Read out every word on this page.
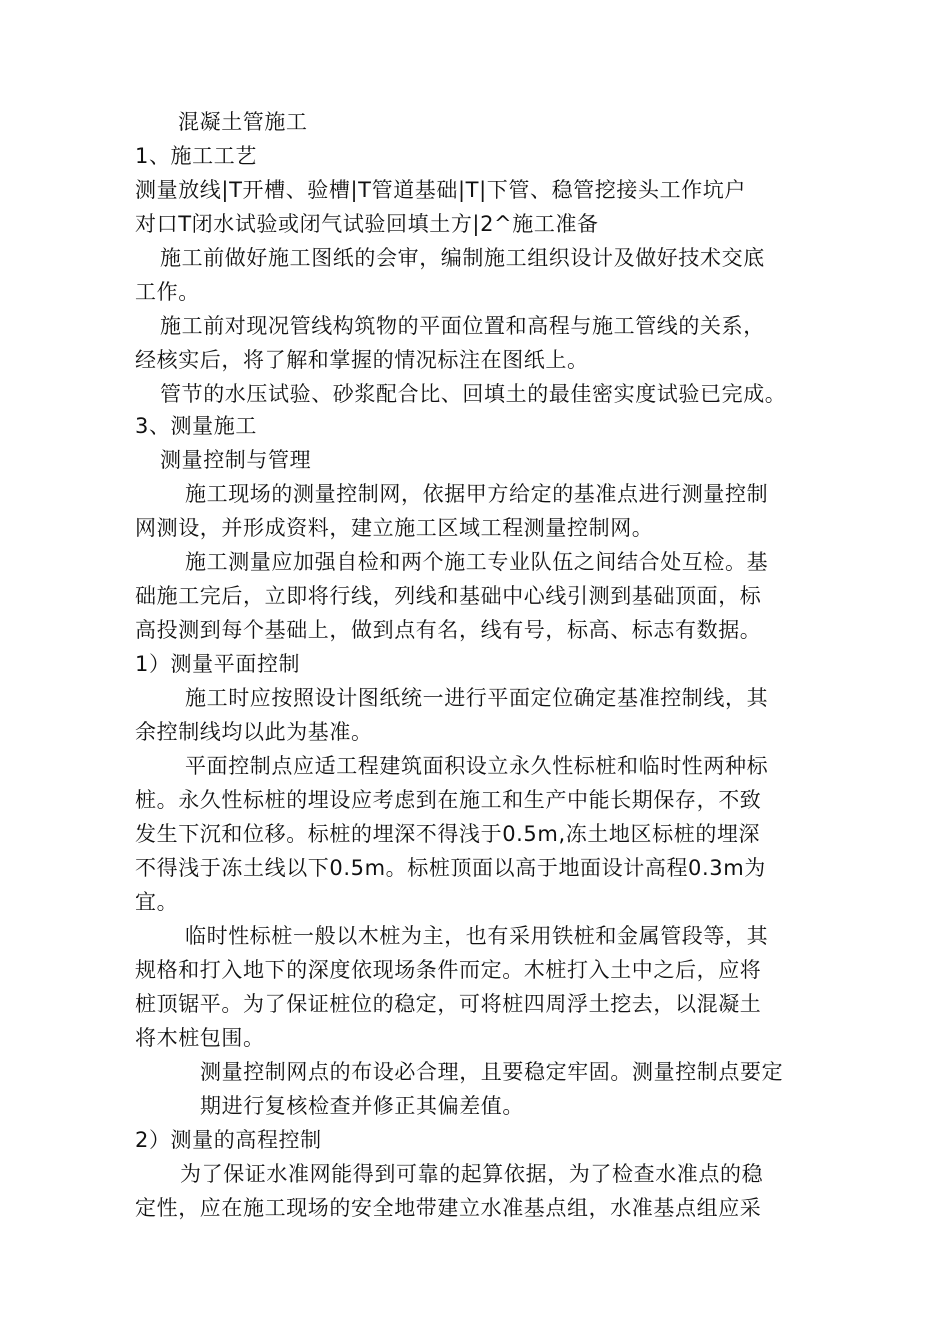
混凝土管施工
1、施工工艺
测量放线|T开槽、验槽|T管道基础|T|下管、稳管挖接头工作坑户
对口T闭水试验或闭气试验回填土方|2^施工准备
施工前做好施工图纸的会审，编制施工组织设计及做好技术交底
工作。
施工前对现况管线构筑物的平面位置和高程与施工管线的关系，
经核实后，将了解和掌握的情况标注在图纸上。
管节的水压试验、砂浆配合比、回填土的最佳密实度试验已完成。
3、测量施工
测量控制与管理
施工现场的测量控制网，依据甲方给定的基准点进行测量控制
网测设，并形成资料，建立施工区域工程测量控制网。
施工测量应加强自检和两个施工专业队伍之间结合处互检。基
础施工完后，立即将行线，列线和基础中心线引测到基础顶面，标
高投测到每个基础上，做到点有名，线有号，标高、标志有数据。
1）测量平面控制
施工时应按照设计图纸统一进行平面定位确定基准控制线，其
余控制线均以此为基准。
平面控制点应适工程建筑面积设立永久性标桩和临时性两种标
桩。永久性标桩的埋设应考虑到在施工和生产中能长期保存，不致
发生下沉和位移。标桩的埋深不得浅于0.5m,冻土地区标桩的埋深
不得浅于冻土线以下0.5m。标桩顶面以高于地面设计高程0.3m为
宜。
临时性标桩一般以木桩为主，也有采用铁桩和金属管段等，其
规格和打入地下的深度依现场条件而定。木桩打入土中之后，应将
桩顶锯平。为了保证桩位的稳定，可将桩四周浮土挖去，以混凝土
将木桩包围。
测量控制网点的布设必合理，且要稳定牢固。测量控制点要定
期进行复核检查并修正其偏差值。
2）测量的高程控制
为了保证水准网能得到可靠的起算依据，为了检查水准点的稳
定性，应在施工现场的安全地带建立水准基点组，水准基点组应采
